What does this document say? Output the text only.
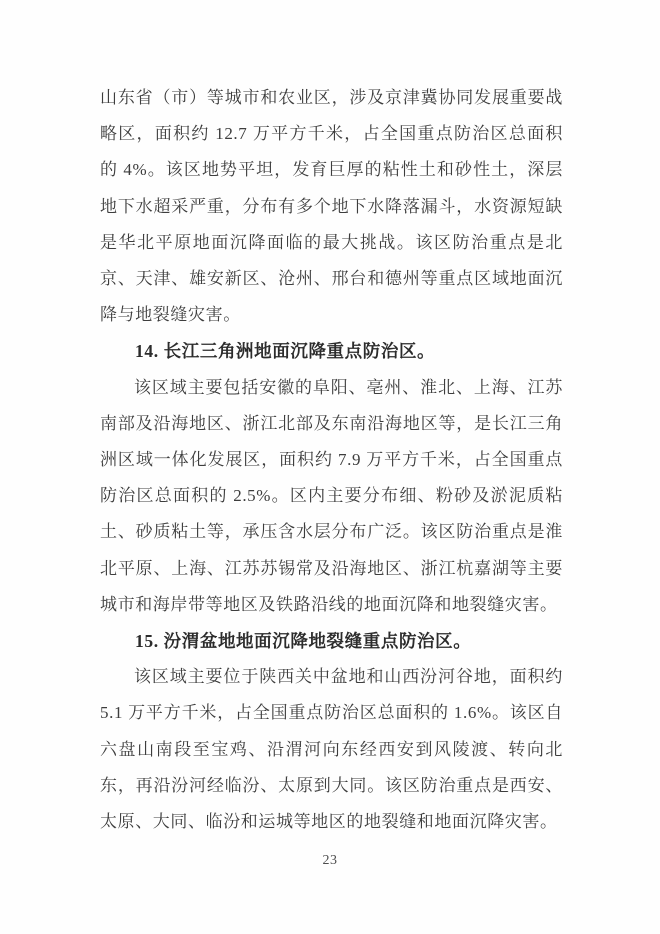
山东省（市）等城市和农业区，涉及京津冀协同发展重要战略区，面积约 12.7 万平方千米，占全国重点防治区总面积的 4%。该区地势平坦，发育巨厚的粘性土和砂性土，深层地下水超采严重，分布有多个地下水降落漏斗，水资源短缺是华北平原地面沉降面临的最大挑战。该区防治重点是北京、天津、雄安新区、沧州、邢台和德州等重点区域地面沉降与地裂缝灾害。

14. 长江三角洲地面沉降重点防治区。

该区域主要包括安徽的阜阳、亳州、淮北、上海、江苏南部及沿海地区、浙江北部及东南沿海地区等，是长江三角洲区域一体化发展区，面积约 7.9 万平方千米，占全国重点防治区总面积的 2.5%。区内主要分布细、粉砂及淤泥质粘土、砂质粘土等，承压含水层分布广泛。该区防治重点是淮北平原、上海、江苏苏锡常及沿海地区、浙江杭嘉湖等主要城市和海岸带等地区及铁路沿线的地面沉降和地裂缝灾害。

15. 汾渭盆地地面沉降地裂缝重点防治区。

该区域主要位于陕西关中盆地和山西汾河谷地，面积约 5.1 万平方千米，占全国重点防治区总面积的 1.6%。该区自六盘山南段至宝鸡、沿渭河向东经西安到风陵渡、转向北东，再沿汾河经临汾、太原到大同。该区防治重点是西安、太原、大同、临汾和运城等地区的地裂缝和地面沉降灾害。

23
